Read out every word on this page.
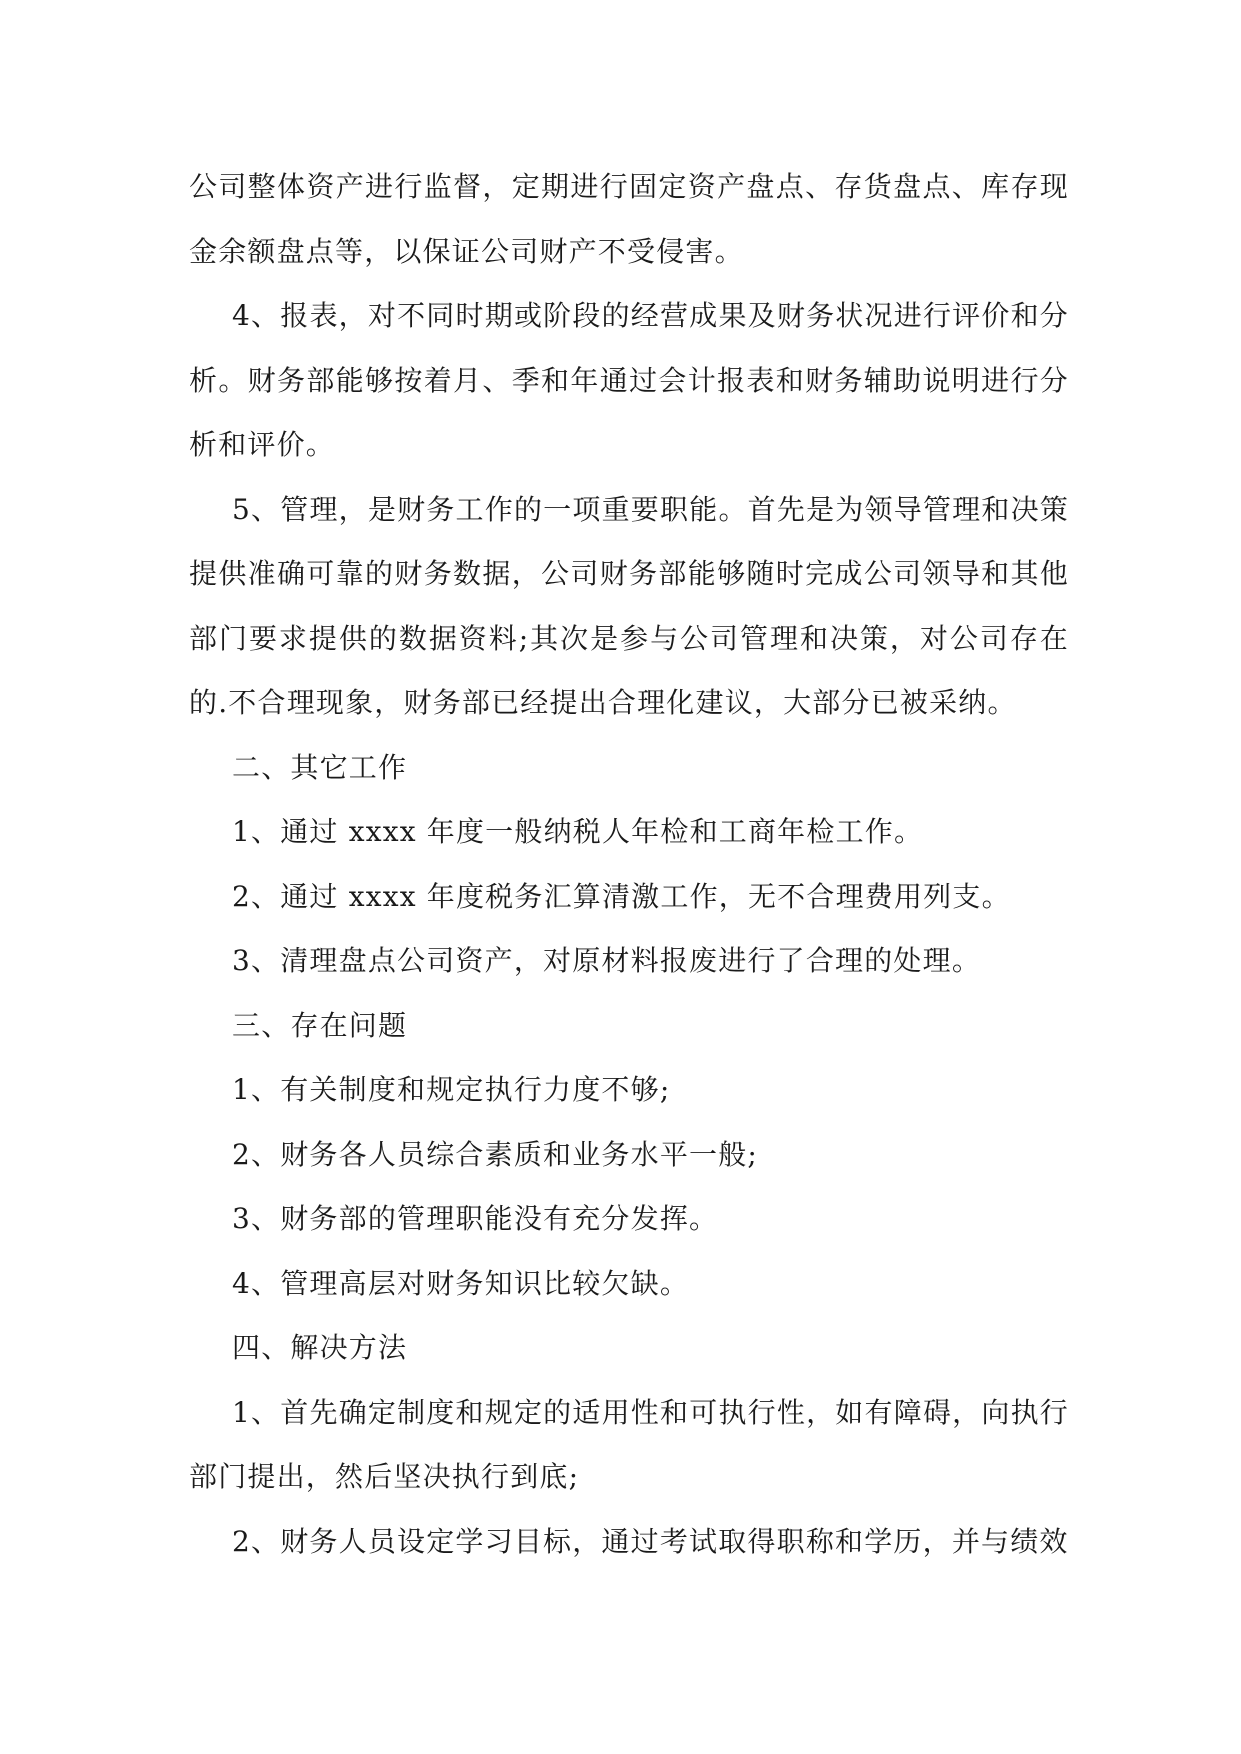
公司整体资产进行监督，定期进行固定资产盘点、存货盘点、库存现金余额盘点等，以保证公司财产不受侵害。

4、报表，对不同时期或阶段的经营成果及财务状况进行评价和分析。财务部能够按着月、季和年通过会计报表和财务辅助说明进行分析和评价。

5、管理，是财务工作的一项重要职能。首先是为领导管理和决策提供准确可靠的财务数据，公司财务部能够随时完成公司领导和其他部门要求提供的数据资料;其次是参与公司管理和决策，对公司存在的.不合理现象，财务部已经提出合理化建议，大部分已被采纳。

二、其它工作

1、通过 xxxx 年度一般纳税人年检和工商年检工作。

2、通过 xxxx 年度税务汇算清激工作，无不合理费用列支。

3、清理盘点公司资产，对原材料报废进行了合理的处理。

三、存在问题

1、有关制度和规定执行力度不够;

2、财务各人员综合素质和业务水平一般;

3、财务部的管理职能没有充分发挥。

4、管理高层对财务知识比较欠缺。

四、解决方法

1、首先确定制度和规定的适用性和可执行性，如有障碍，向执行部门提出，然后坚决执行到底;

2、财务人员设定学习目标，通过考试取得职称和学历，并与绩效
